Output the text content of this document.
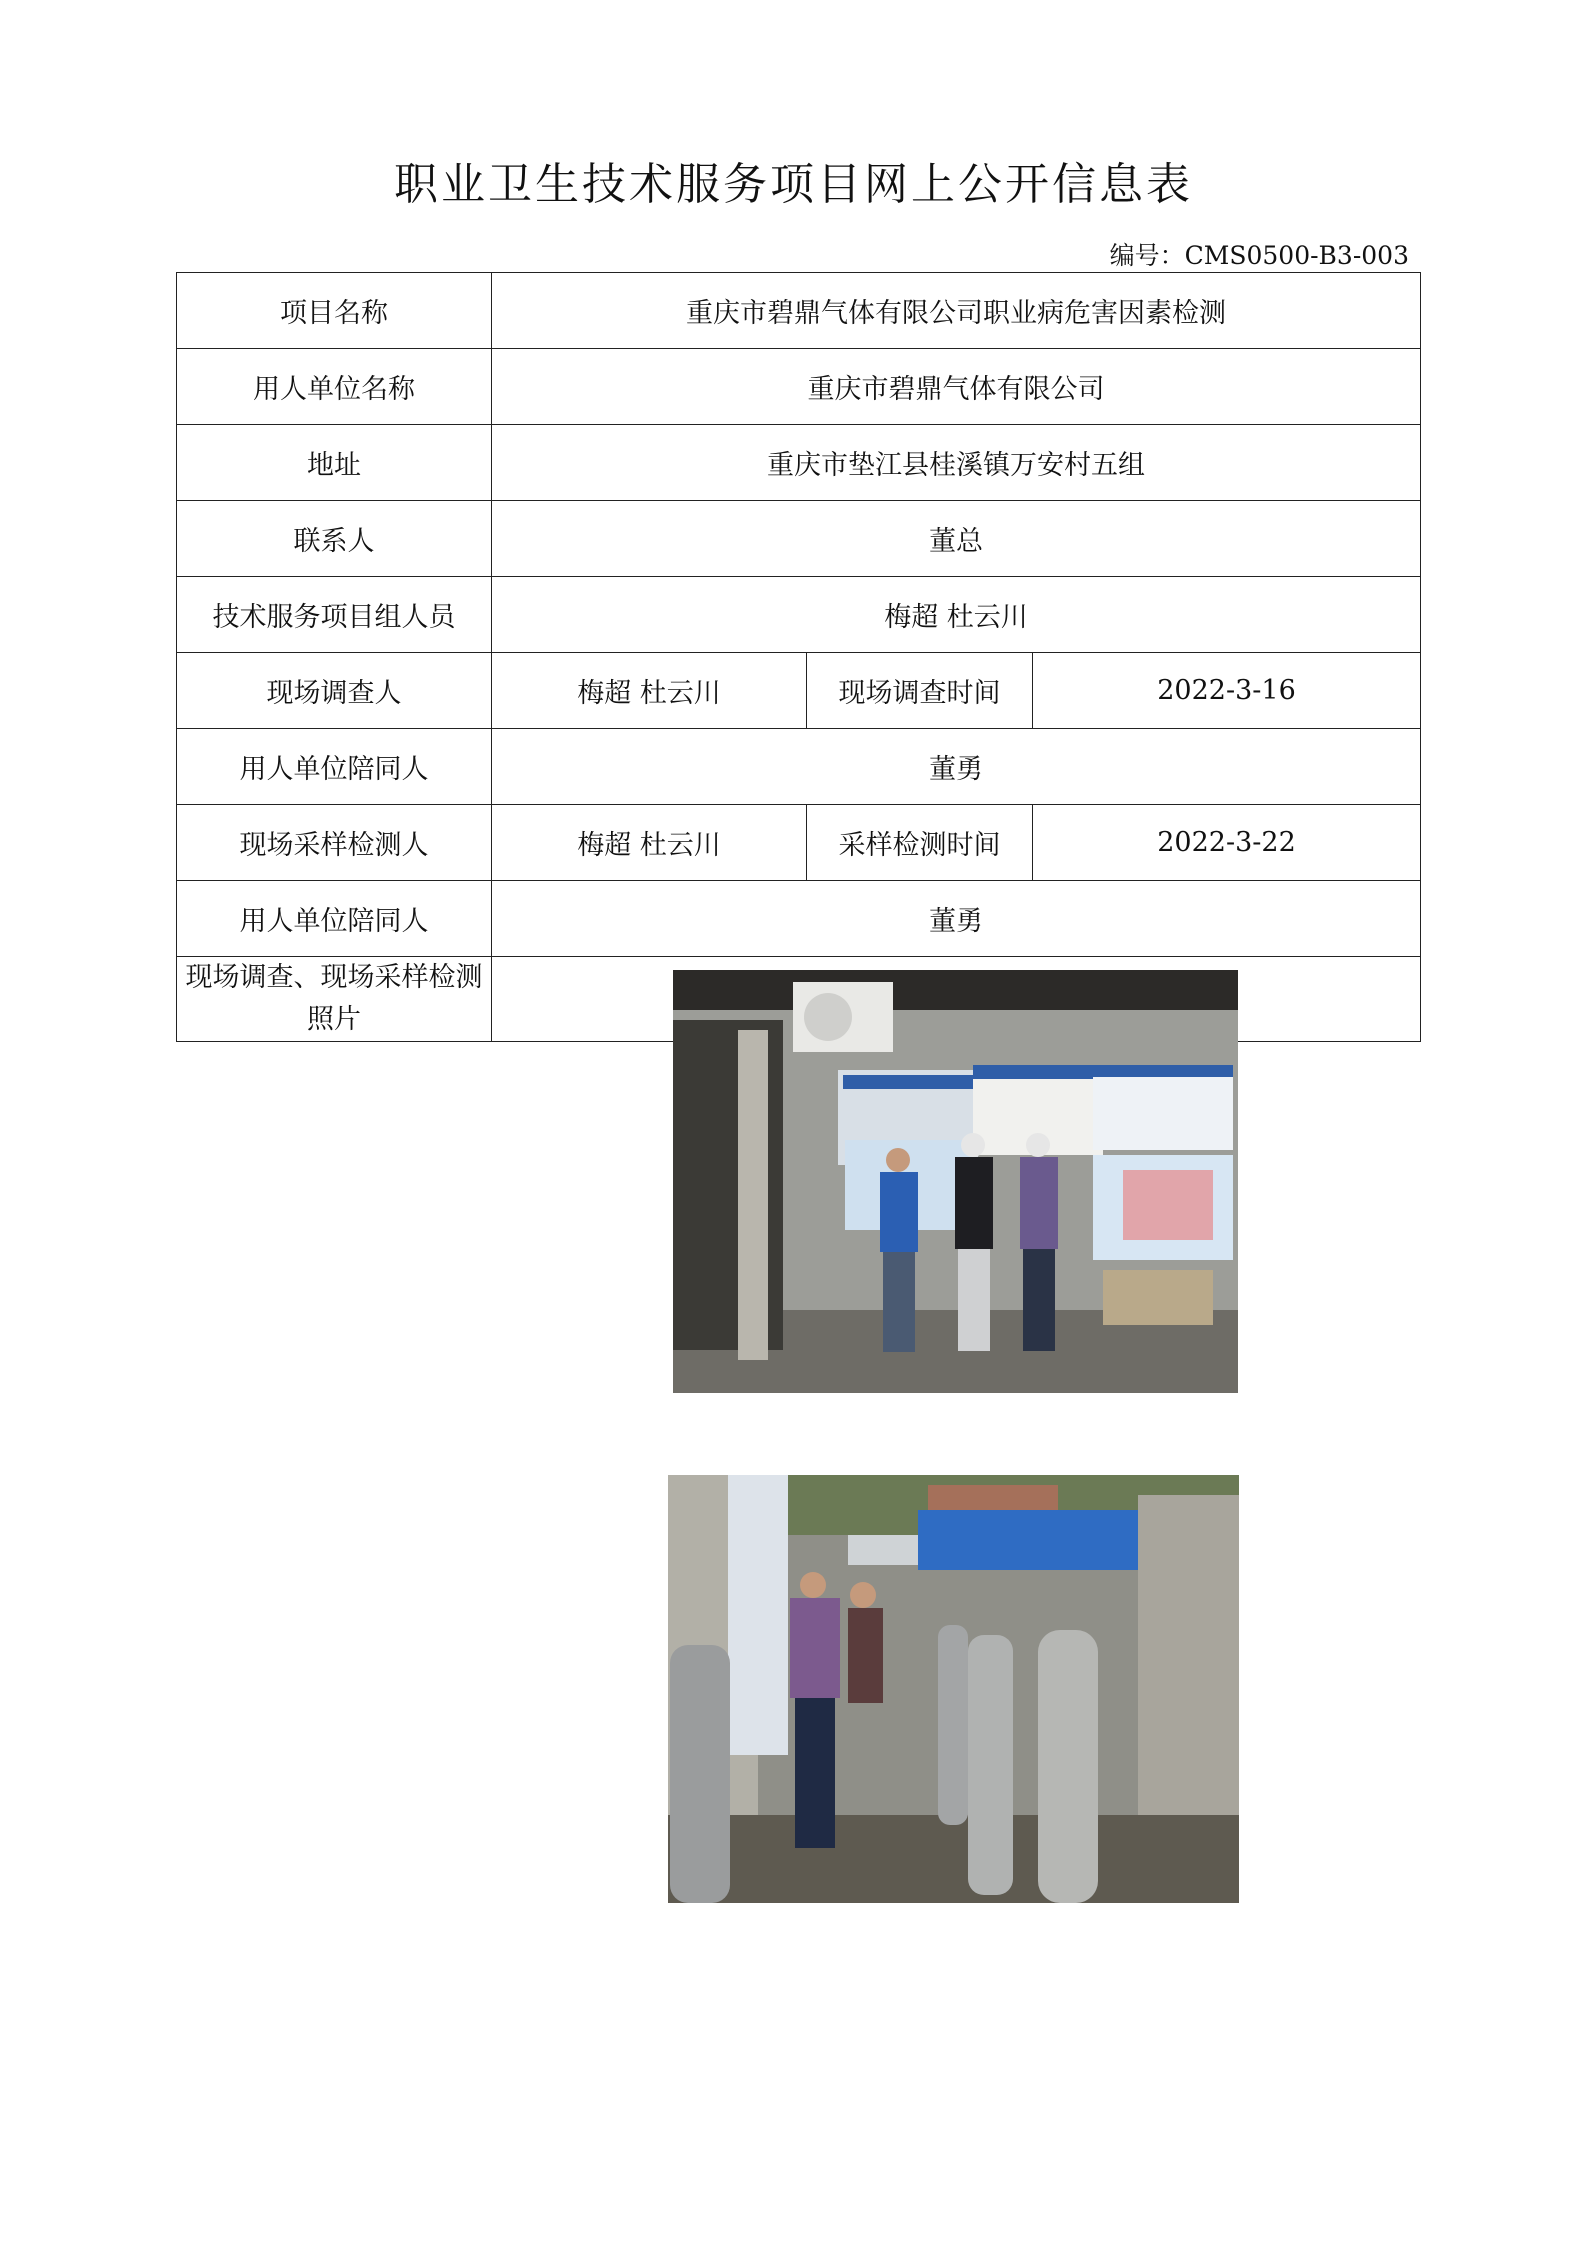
职业卫生技术服务项目网上公开信息表
编号：CMS0500-B3-003
项目名称	重庆市碧鼎气体有限公司职业病危害因素检测		
用人单位名称	重庆市碧鼎气体有限公司		
地址	重庆市垫江县桂溪镇万安村五组		
联系人	董总		
技术服务项目组人员	梅超 杜云川		
现场调查人	梅超 杜云川	现场调查时间	2022-3-16
用人单位陪同人	董勇		
现场采样检测人	梅超 杜云川	采样检测时间	2022-3-22
用人单位陪同人	董勇		
现场调查、现场采样检测照片	
